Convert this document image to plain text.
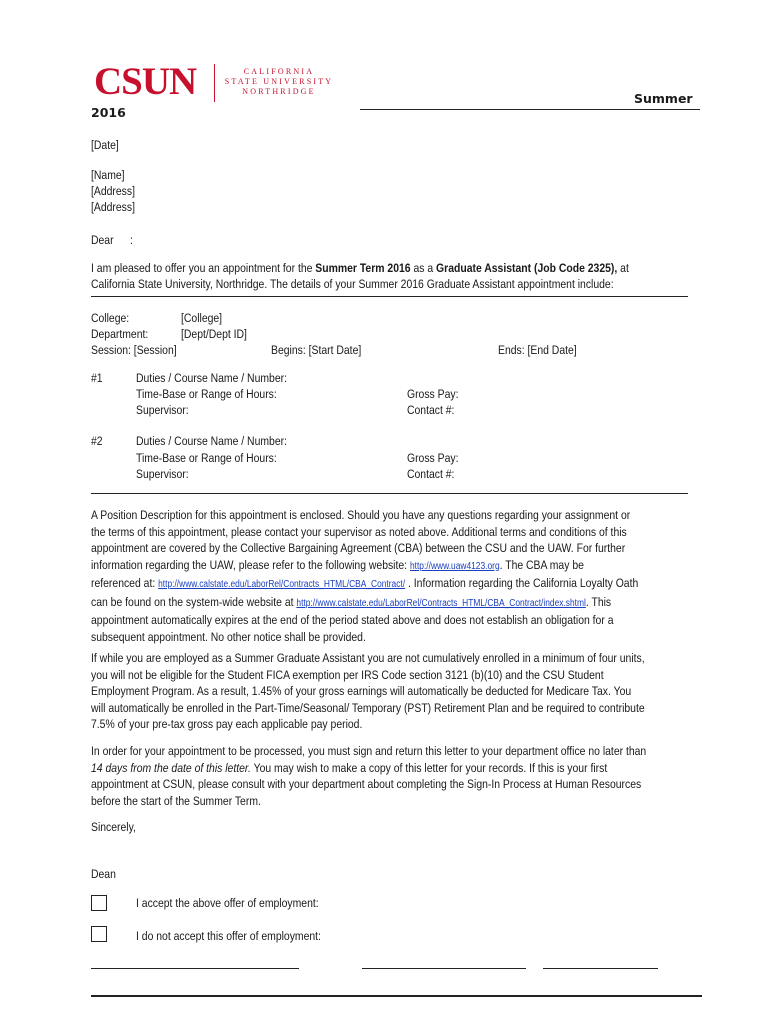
CSUN	CALIFORNIA
STATE UNIVERSITY
NORTHRIDGE	Summer
2016
[Date]
[Name]
[Address]
[Address]
Dear :
I am pleased to offer you an appointment for the Summer Term 2016 as a Graduate Assistant (Job Code 2325), at
California State University, Northridge. The details of your Summer 2016 Graduate Assistant appointment include:
College:	[College]
Department:	[Dept/Dept ID]
Session: [Session]	Begins: [Start Date]	Ends: [End Date]
#1	Duties / Course Name / Number:
Time-Base or Range of Hours:	Gross Pay:
Supervisor:	Contact #:
#2	Duties / Course Name / Number:
Time-Base or Range of Hours:	Gross Pay:
Supervisor:	Contact #:
A Position Description for this appointment is enclosed. Should you have any questions regarding your assignment or
the terms of this appointment, please contact your supervisor as noted above. Additional terms and conditions of this
appointment are covered by the Collective Bargaining Agreement (CBA) between the CSU and the UAW. For further
information regarding the UAW, please refer to the following website: http://www.uaw4123.org. The CBA may be
referenced at: http://www.calstate.edu/LaborRel/Contracts_HTML/CBA_Contract/ . Information regarding the California Loyalty Oath
can be found on the system-wide website at http://www.calstate.edu/LaborRel/Contracts_HTML/CBA_Contract/index.shtml. This
appointment automatically expires at the end of the period stated above and does not establish an obligation for a
subsequent appointment. No other notice shall be provided.
If while you are employed as a Summer Graduate Assistant you are not cumulatively enrolled in a minimum of four units,
you will not be eligible for the Student FICA exemption per IRS Code section 3121 (b)(10) and the CSU Student
Employment Program. As a result, 1.45% of your gross earnings will automatically be deducted for Medicare Tax. You
will automatically be enrolled in the Part-Time/Seasonal/ Temporary (PST) Retirement Plan and be required to contribute
7.5% of your pre-tax gross pay each applicable pay period.
In order for your appointment to be processed, you must sign and return this letter to your department office no later than
14 days from the date of this letter. You may wish to make a copy of this letter for your records. If this is your first
appointment at CSUN, please consult with your department about completing the Sign-In Process at Human Resources
before the start of the Summer Term.
Sincerely,
Dean
I accept the above offer of employment:
I do not accept this offer of employment:
